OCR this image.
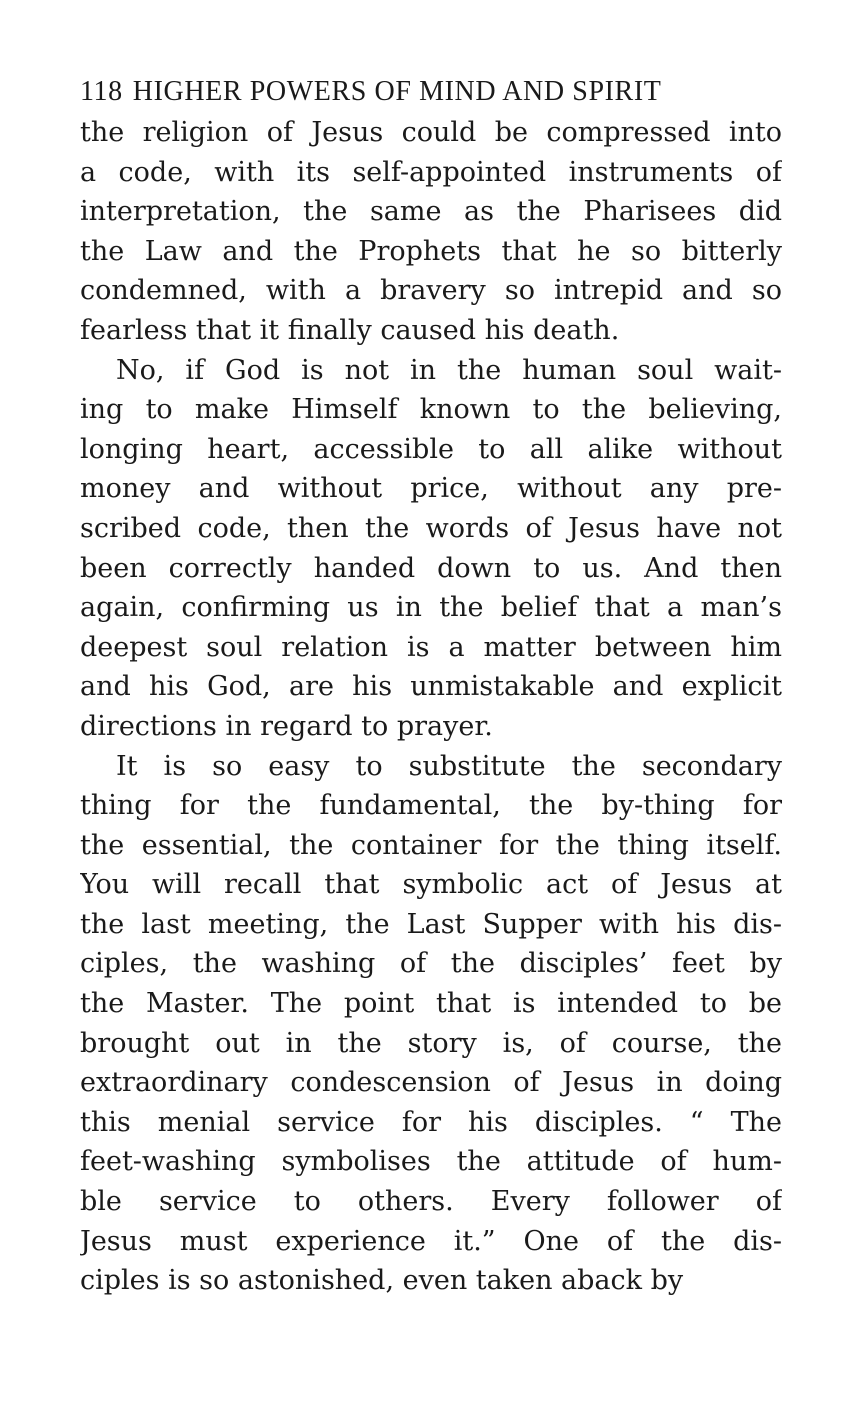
118 HIGHER POWERS OF MIND AND SPIRIT
the religion of Jesus could be compressed into
a code, with its self-appointed instruments of
interpretation, the same as the Pharisees did
the Law and the Prophets that he so bitterly
condemned, with a bravery so intrepid and so
fearless that it finally caused his death.
No, if God is not in the human soul wait-
ing to make Himself known to the believing,
longing heart, accessible to all alike without
money and without price, without any pre-
scribed code, then the words of Jesus have not
been correctly handed down to us. And then
again, confirming us in the belief that a man’s
deepest soul relation is a matter between him
and his God, are his unmistakable and explicit
directions in regard to prayer.
It is so easy to substitute the secondary
thing for the fundamental, the by-thing for
the essential, the container for the thing itself.
You will recall that symbolic act of Jesus at
the last meeting, the Last Supper with his dis-
ciples, the washing of the disciples’ feet by
the Master. The point that is intended to be
brought out in the story is, of course, the
extraordinary condescension of Jesus in doing
this menial service for his disciples. “ The
feet-washing symbolises the attitude of hum-
ble service to others. Every follower of
Jesus must experience it.” One of the dis-
ciples is so astonished, even taken aback by
